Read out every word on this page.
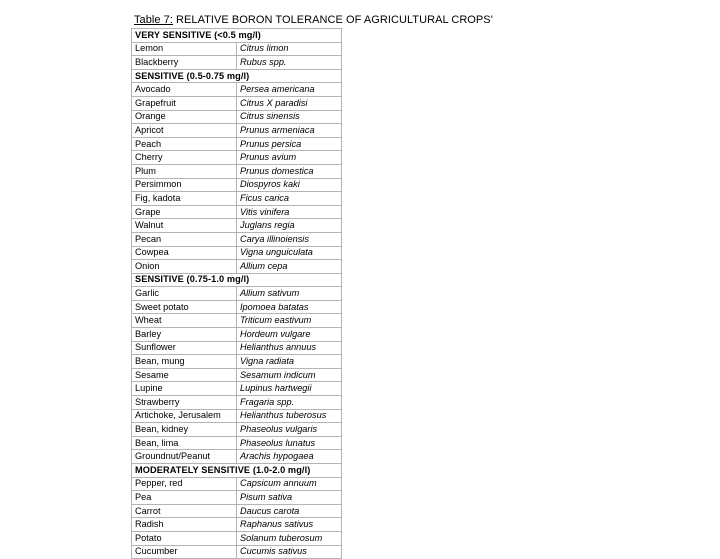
Table 7: RELATIVE BORON TOLERANCE OF AGRICULTURAL CROPS'
VERY SENSITIVE (<0.5 mg/l)	
Lemon	Citrus limon
Blackberry	Rubus spp.
SENSITIVE (0.5-0.75 mg/l)	
Avocado	Persea americana
Grapefruit	Citrus X paradisi
Orange	Citrus sinensis
Apricot	Prunus armeniaca
Peach	Prunus persica
Cherry	Prunus avium
Plum	Prunus domestica
Persimmon	Diospyros kaki
Fig, kadota	Ficus carica
Grape	Vitis vinifera
Walnut	Juglans regia
Pecan	Carya illinoiensis
Cowpea	Vigna unguiculata
Onion	Allium cepa
SENSITIVE (0.75-1.0 mg/l)	
Garlic	Allium sativum
Sweet potato	Ipomoea batatas
Wheat	Triticum eastivum
Barley	Hordeum vulgare
Sunflower	Helianthus annuus
Bean, mung	Vigna radiata
Sesame	Sesamum indicum
Lupine	Lupinus hartwegii
Strawberry	Fragaria spp.
Artichoke, Jerusalem	Helianthus tuberosus
Bean, kidney	Phaseolus vulgaris
Bean, lima	Phaseolus lunatus
Groundnut/Peanut	Arachis hypogaea
MODERATELY SENSITIVE (1.0-2.0 mg/l)	
Pepper, red	Capsicum annuum
Pea	Pisum sativa
Carrot	Daucus carota
Radish	Raphanus sativus
Potato	Solanum tuberosum
Cucumber	Cucumis sativus
